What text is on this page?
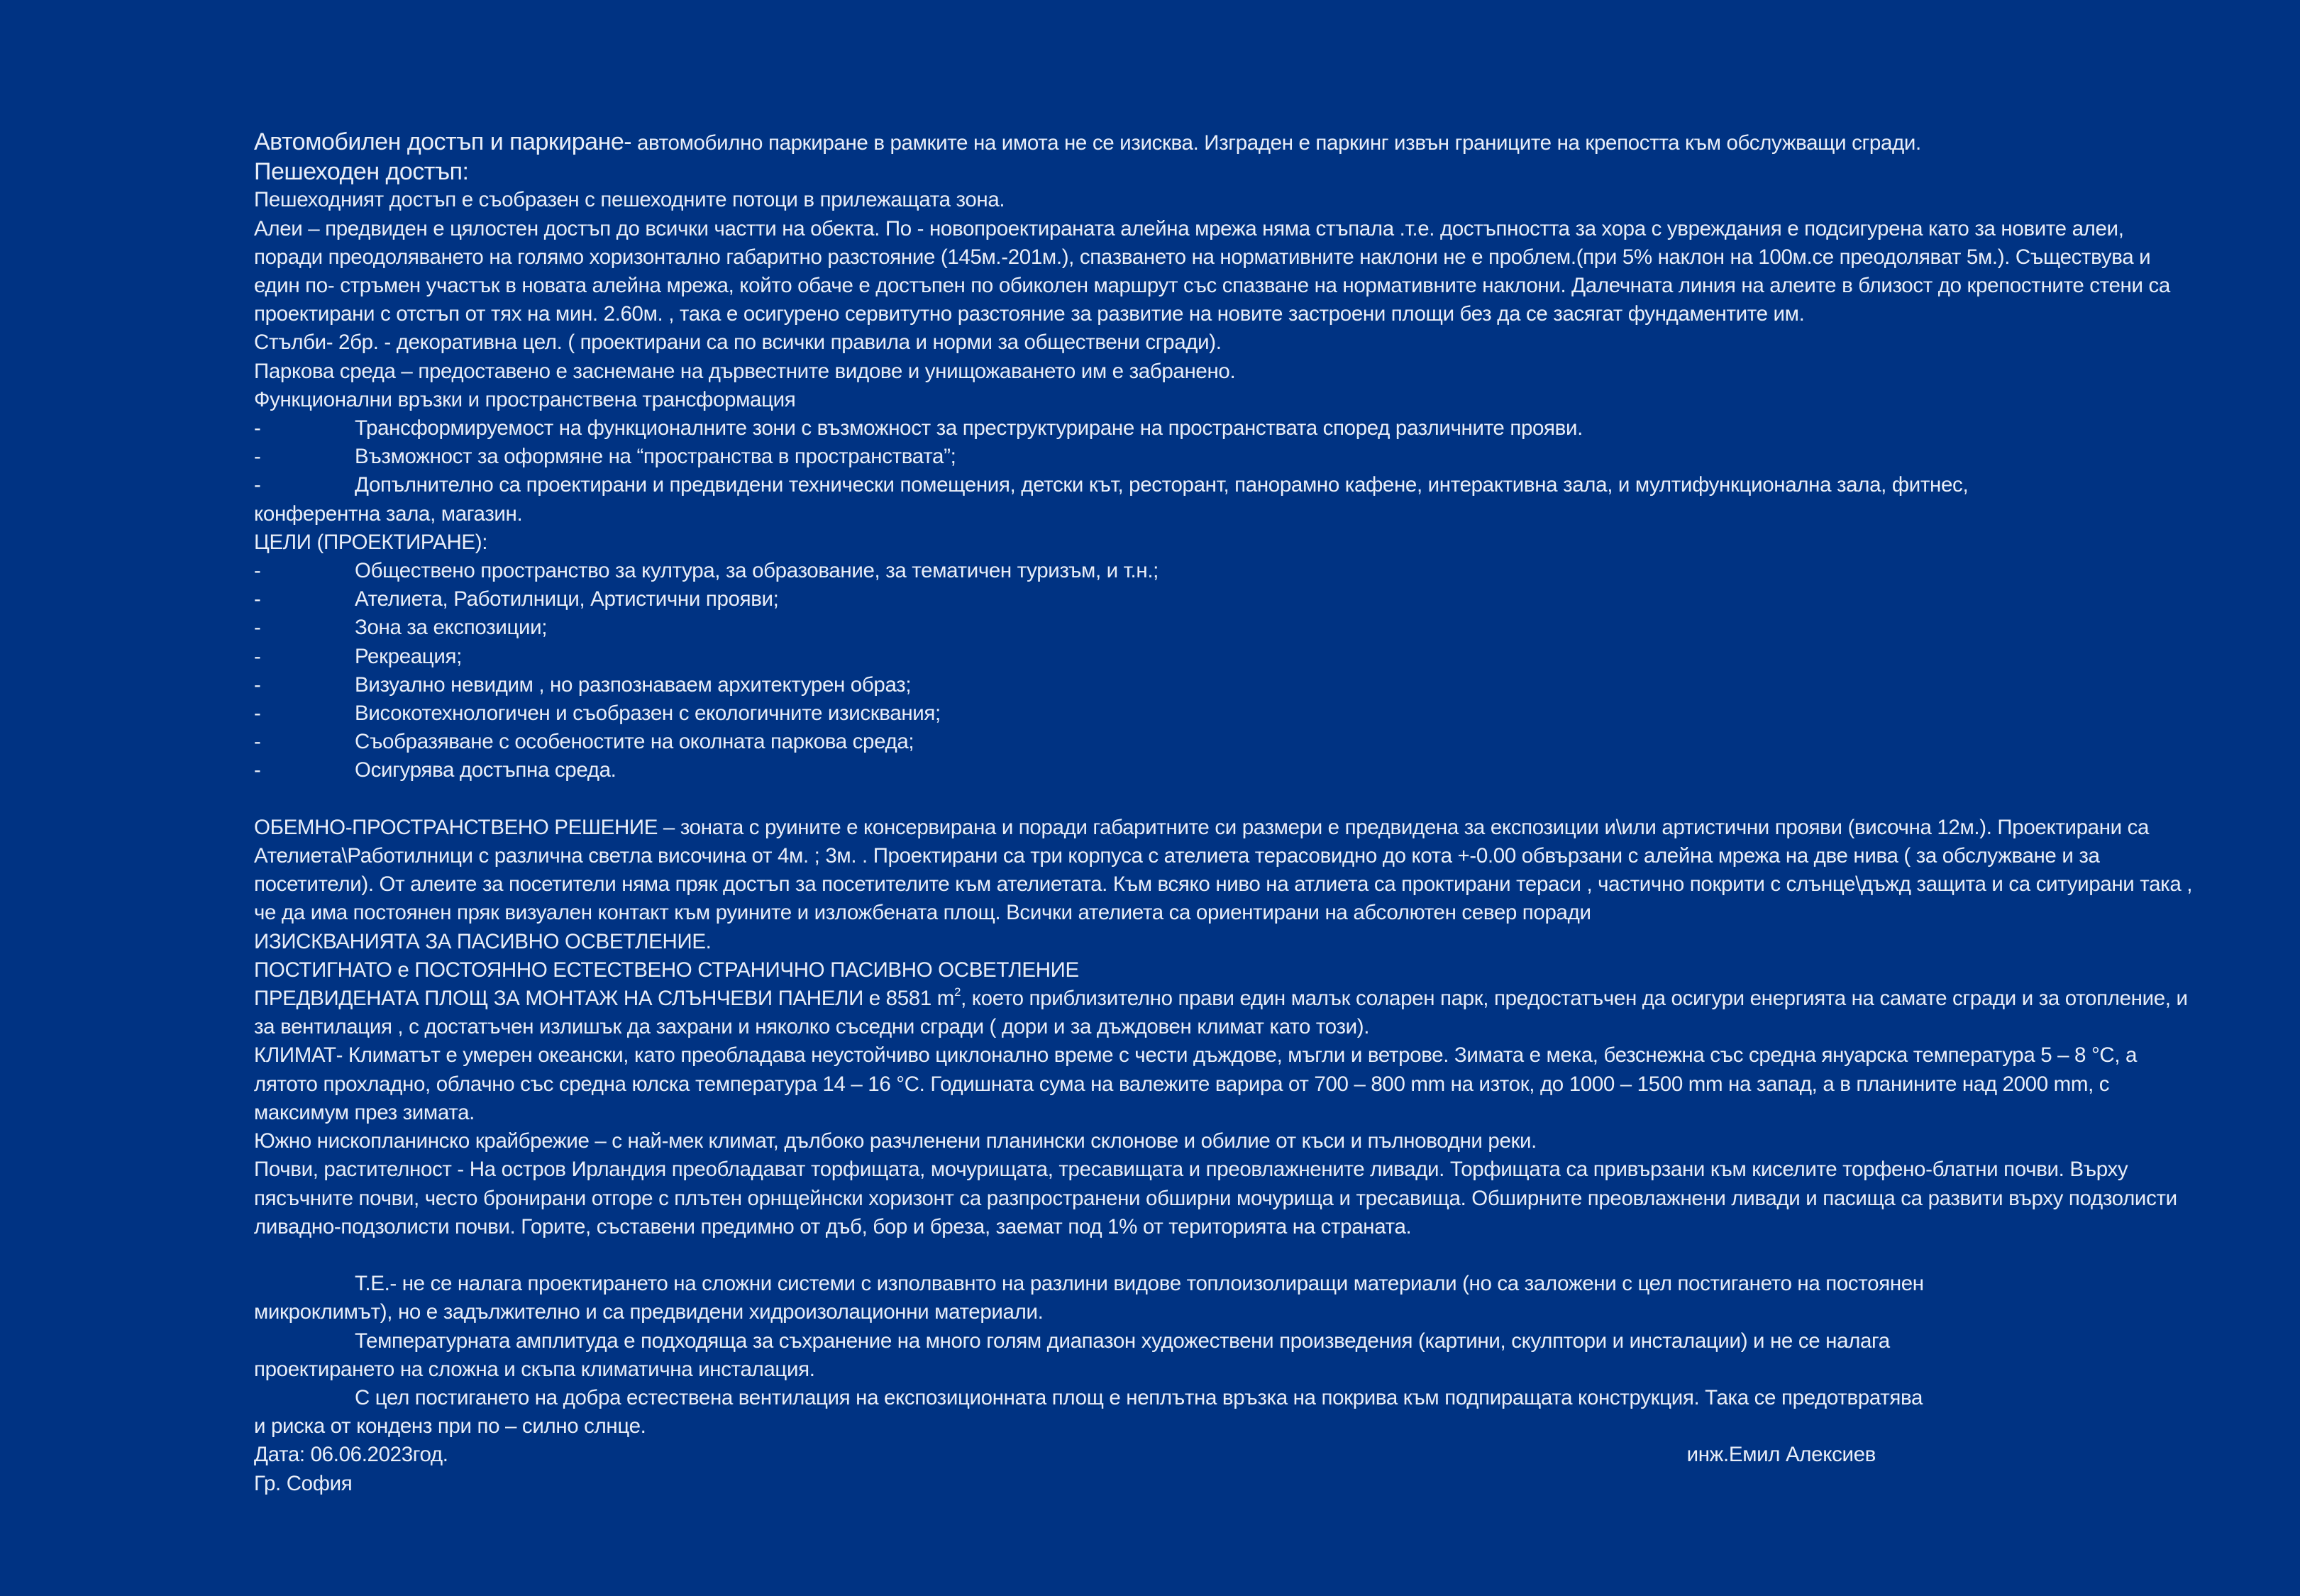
Автомобилен достъп и паркиране- автомобилно паркиране в рамките на имота не се изисква. Изграден е паркинг извън границите на крепостта към обслужващи сгради.
Пешеходен достъп:
Пешеходният достъп е съобразен с пешеходните потоци в прилежащата зона.
Алеи – предвиден е цялостен достъп до всички частти на обекта. По - новопроектираната алейна мрежа няма стъпала .т.е. достъпността за хора с увреждания е подсигурена като за новите алеи, поради преодоляването на голямо хоризонтално габаритно разстояние (145м.-201м.), спазването на нормативните наклони не е проблем.(при 5% наклон на 100м.се преодоляват 5м.). Съществува и един по- стръмен участък в новата алейна мрежа, който обаче е достъпен по обиколен маршрут със спазване на нормативните наклони. Далечната линия на алеите в близост до крепостните стени са проектирани с отстъп от тях на мин. 2.60м. , така е осигурено сервитутно разстояние за развитие на новите застроени площи без да се засягат фундаментите им.
Стълби- 2бр. - декоративна цел. ( проектирани са по всички правила и норми за обществени сгради).
Паркова среда – предоставено е заснемане на дървестните видове и унищожаването им е забранено.
Функционални връзки и пространствена трансформация
-	Трансформируемост на функционалните зони с възможност за преструктуриране на пространствата според различните прояви.
-	Възможност за оформяне на “пространства в пространствата”;
-	Допълнително са проектирани и предвидени технически помещения, детски кът, ресторант, панорамно кафене, интерактивна зала, и мултифункционална зала, фитнес,
конферентна зала, магазин.
ЦЕЛИ (ПРОЕКТИРАНЕ):
-	Обществено пространство за култура, за образование, за тематичен туризъм, и т.н.;
-	Ателиета, Работилници, Артистични прояви;
-	Зона за експозиции;
-	Рекреация;
-	Визуално невидим , но разпознаваем архитектурен образ;
-	Високотехнологичен и съобразен с екологичните изисквания;
-	Съобразяване с особеностите на околната паркова среда;
-	Осигурява достъпна среда.
ОБЕМНО-ПРОСТРАНСТВЕНО РЕШЕНИЕ – зоната с руините е консервирана и поради габаритните си размери е предвидена за експозиции и\или артистични прояви (височна 12м.). Проектирани са Ателиета\Работилници с различна светла височина от 4м. ; 3м. . Проектирани са три корпуса с ателиета терасовидно до кота +-0.00 обвързани с алейна мрежа на две нива ( за обслужване и за посетители). От алеите за посетители няма пряк достъп за посетителите към ателиетата. Към всяко ниво на атлиета са проктирани тераси , частично покрити с слънце\дъжд защита и са ситуирани така , че да има постоянен пряк визуален контакт към руините и изложбената площ. Всички ателиета са ориентирани на абсолютен север поради
ИЗИСКВАНИЯТА ЗА ПАСИВНО ОСВЕТЛЕНИЕ.
ПОСТИГНАТО е ПОСТОЯННО ЕСТЕСТВЕНО СТРАНИЧНО ПАСИВНО ОСВЕТЛЕНИЕ
ПРЕДВИДЕНАТА ПЛОЩ ЗА МОНТАЖ НА СЛЪНЧЕВИ ПАНЕЛИ е 8581 $m^2$, което приблизително прави един малък соларен парк, предостатъчен да осигури енергията на самате сгради и за отопление, и за вентилация , с достатъчен излишък да захрани и няколко съседни сгради ( дори и за дъждовен климат като този).
КЛИМАТ- Климатът е умерен океански, като преобладава неустойчиво циклонално време с чести дъждове, мъгли и ветрове. Зимата е мека, безснежна със средна януарска температура 5 – 8 °C, а лятото прохладно, облачно със средна юлска температура 14 – 16 °C. Годишната сума на валежите варира от 700 – 800 mm на изток, до 1000 – 1500 mm на запад, а в планините над 2000 mm, с максимум през зимата.
Южно нископланинско крайбрежие – с най-мек климат, дълбоко разчленени планински склонове и обилие от къси и пълноводни реки.
Почви, растителност - На остров Ирландия преобладават торфищата, мочурищата, тресавищата и преовлажнените ливади. Торфищата са привързани към киселите торфено-блатни почви. Върху пясъчните почви, често бронирани отгоре с плътен орнщейнски хоризонт са разпространени обширни мочурища и тресавища. Обширните преовлажнени ливади и пасища са развити върху подзолисти ливадно-подзолисти почви. Горите, съставени предимно от дъб, бор и бреза, заемат под 1% от територията на страната.
Т.Е.- не се налага проектирането на сложни системи с изполвавнто на разлини видове топлоизолиращи материали (но са заложени с цел постигането на постоянен
микроклимът), но е задължително и са предвидени хидроизолационни материали.
Температурната амплитуда е подходяща за съхранение на много голям диапазон художествени произведения (картини, скулптори и инсталации) и не се налага
проектирането на сложна и скъпа климатична инсталация.
С цел постигането на добра естествена вентилация на експозиционната площ е неплътна връзка на покрива към подпиращата конструкция. Така се предотвратява
и риска от конденз при по – силно слнце.
Дата: 06.06.2023год.	инж.Емил Алексиев
Гр. София
